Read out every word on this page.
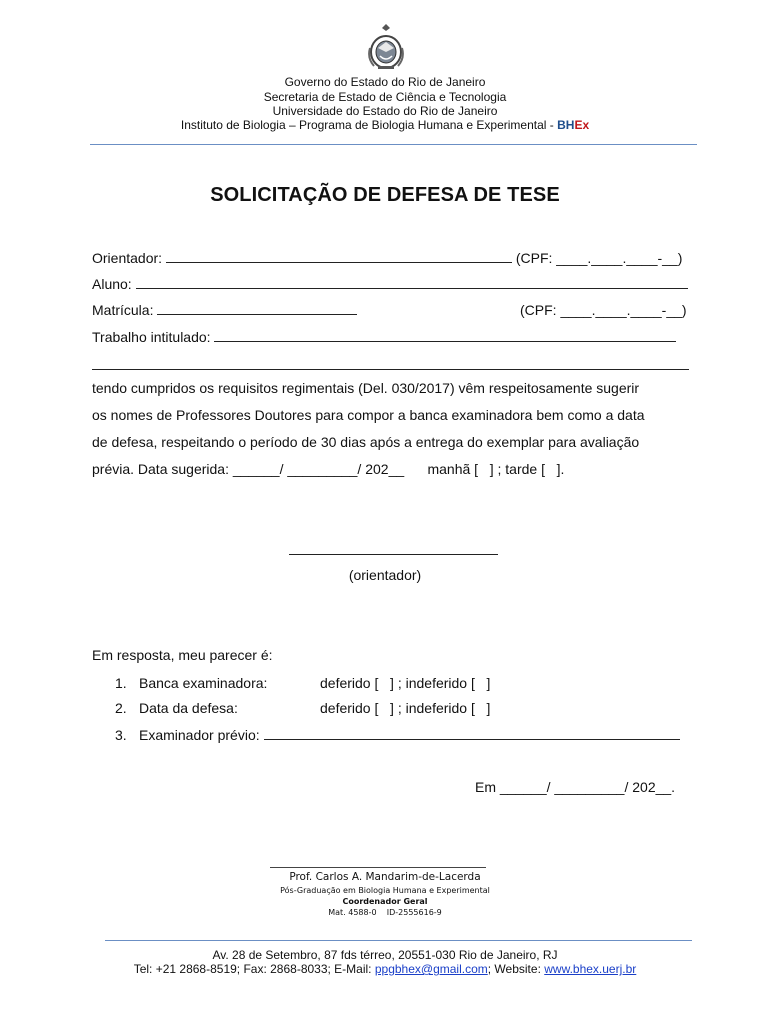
Governo do Estado do Rio de Janeiro
Secretaria de Estado de Ciência e Tecnologia
Universidade do Estado do Rio de Janeiro
Instituto de Biologia – Programa de Biologia Humana e Experimental - BHEx
SOLICITAÇÃO DE DEFESA DE TESE
Orientador:	(CPF: ____.____.____-__)
Aluno:
Matrícula:	(CPF: ____.____.____-__)
Trabalho intitulado:
tendo cumpridos os requisitos regimentais (Del. 030/2017) vêm respeitosamente sugerir
os nomes de Professores Doutores para compor a banca examinadora bem como a data
de defesa, respeitando o período de 30 dias após a entrega do exemplar para avaliação
prévia. Data sugerida: ______/ _________/ 202__      manhã [   ] ; tarde [   ].
(orientador)
Em resposta, meu parecer é:
1. Banca examinadora:	deferido [   ] ; indeferido [   ]
2. Data da defesa:	deferido [   ] ; indeferido [   ]
3. Examinador prévio:
Em ______/ _________/ 202__.
Prof. Carlos A. Mandarim-de-Lacerda
Pós-Graduação em Biologia Humana e Experimental
Coordenador Geral
Mat. 4588-0    ID-2555616-9
Av. 28 de Setembro, 87 fds térreo, 20551-030 Rio de Janeiro, RJ
Tel: +21 2868-8519; Fax: 2868-8033; E-Mail: ppgbhex@gmail.com; Website: www.bhex.uerj.br
